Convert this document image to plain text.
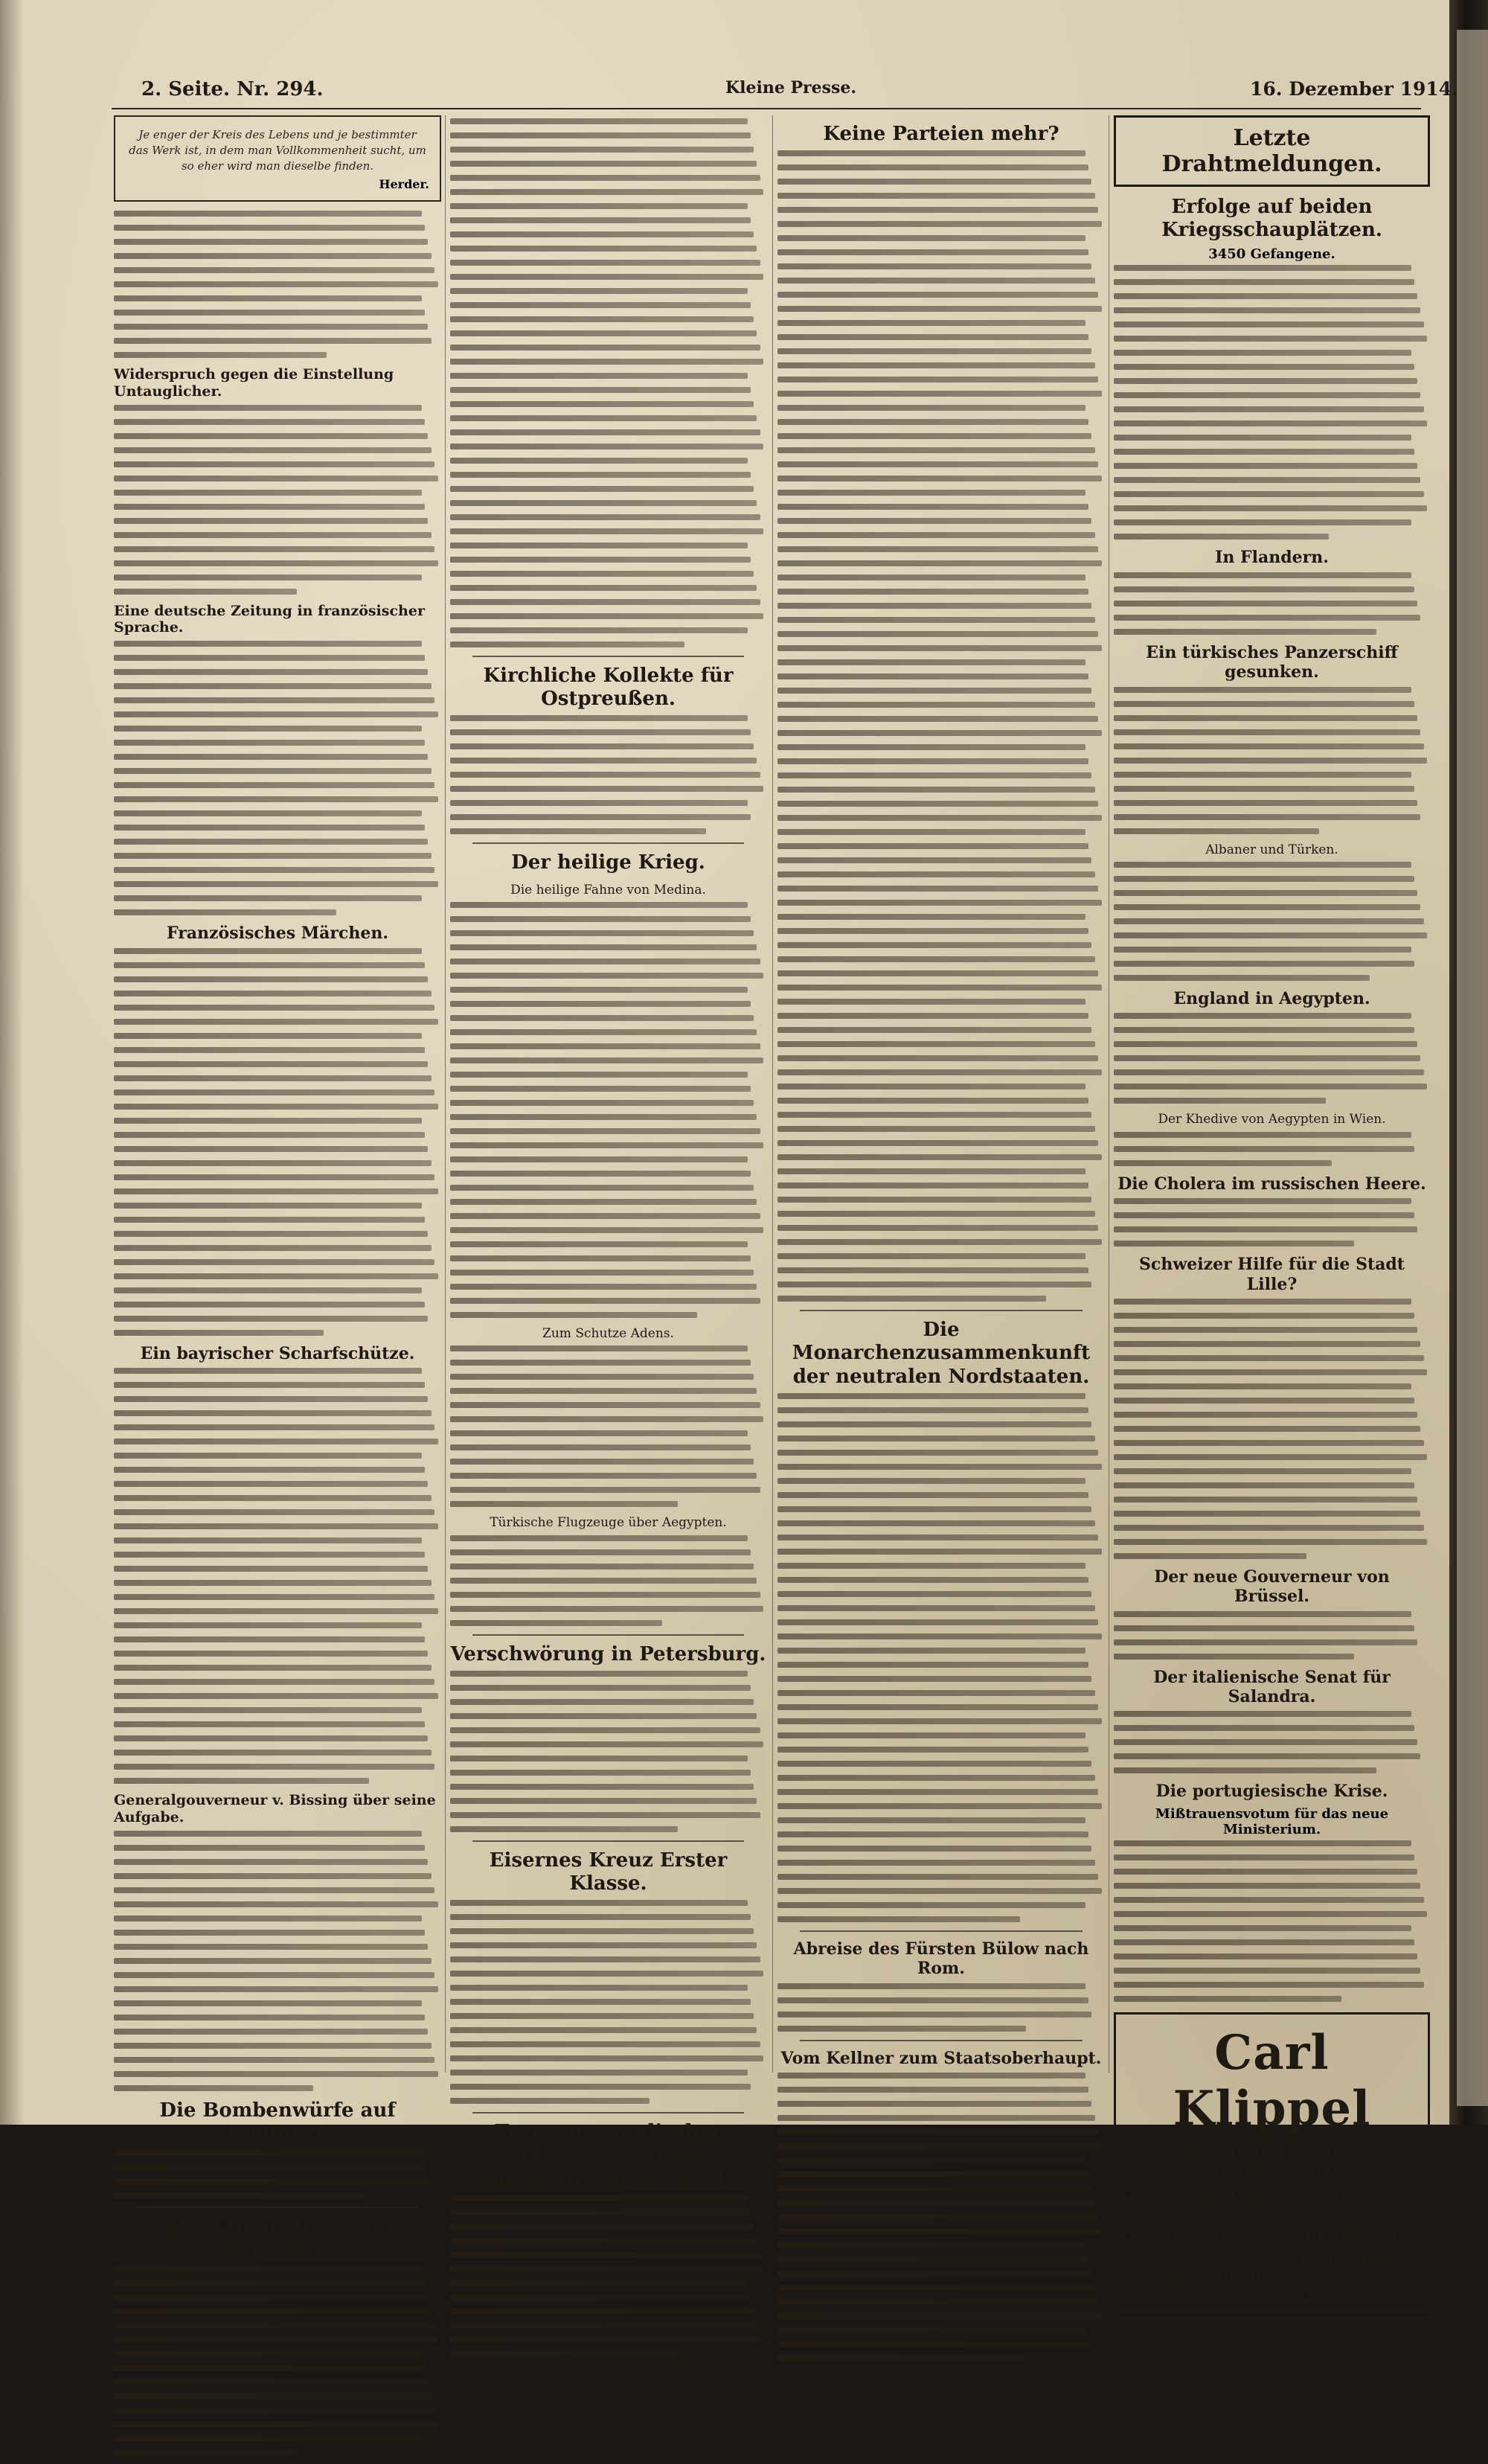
2. Seite. Nr. 294.	Kleine Presse.	16. Dezember 1914.
Je enger der Kreis des Lebens und je bestimmter
das Werk ist, in dem man Vollkommenheit sucht, um
so eher wird man dieselbe finden.
Herder.
Widerspruch gegen die Einstellung Untauglicher.
Eine deutsche Zeitung in französischer Sprache.
Französisches Märchen.
Ein bayrischer Scharfschütze.
Generalgouverneur v. Bissing über seine Aufgabe.
Die Bombenwürfe auf Freiburg.
Vom Musketier zum Leutnant.
Kirchliche Kollekte für Ostpreußen.
Der heilige Krieg.
Die heilige Fahne von Medina.
Zum Schutze Adens.
Türkische Flugzeuge über Aegypten.
Verschwörung in Petersburg.
Eisernes Kreuz Erster Klasse.
Transport englischer Hilfstruppen über amerikanisches Gebiet?
Keine Parteien mehr?
Die Monarchenzusammenkunft der neutralen Nordstaaten.
Abreise des Fürsten Bülow nach Rom.
Vom Kellner zum Staatsoberhaupt.
Letzte Drahtmeldungen.
Erfolge auf beiden Kriegsschauplätzen.
3450 Gefangene.
In Flandern.
Ein türkisches Panzerschiff gesunken.
Albaner und Türken.
England in Aegypten.
Der Khedive von Aegypten in Wien.
Die Cholera im russischen Heere.
Schweizer Hilfe für die Stadt Lille?
Der neue Gouverneur von Brüssel.
Der italienische Senat für Salandra.
Die portugiesische Krise.
Mißtrauensvotum für das neue Ministerium.
Carl Klippel
Kaiserstr. 75, nächst Hauptbahnhof.
Besuchskarten	Familien-Anzeigen
Briefpapiere	Füllfederhalter
Feldpost-Packungen
Kollegbücher
Fernsprecher Amt Hansa 340 und 6340.
